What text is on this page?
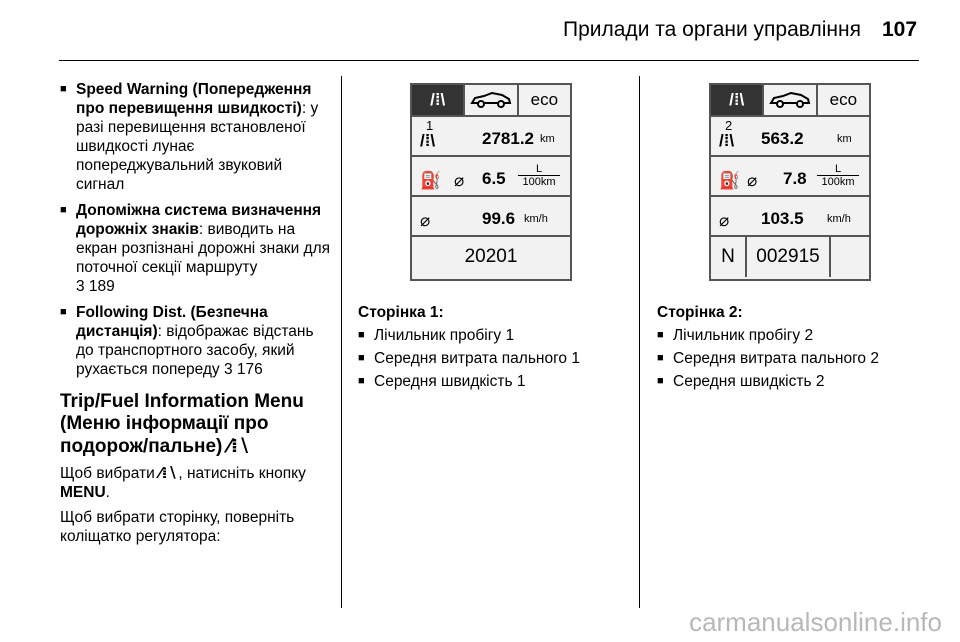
Прилади та органи управління 107
■ Speed Warning (Попередження про перевищення швидкості): у разі перевищення встановленої швидкості лунає попереджувальний звуковий сигнал
■ Допоміжна система визначення дорожніх знаків: виводить на екран розпізнані дорожні знаки для поточної секції маршруту
3 189
■ Following Dist. (Безпечна дистанція): відображає відстань до транспортного засобу, який рухається попереду 3 176
Trip/Fuel Information Menu (Меню інформації про подорож/пальне) ⁄⁞∖
Щоб вибрати ⁄⁞∖, натисніть кнопку
MENU.
Щоб вибрати сторінку, поверніть коліщатко регулятора:
/⁞\	eco
1
/⁞\	2781.2 km
⛽ ⌀ $6.5 \frac{L}{100km}$
⌀	99.6 km/h
20201
Сторінка 1:
■ Лічильник пробігу 1
■ Середня витрата пального 1
■ Середня швидкість 1
/⁞\	eco
2
/⁞\ 563.2	km
⛽ ⌀ $7.8 \frac{L}{100km}$
⌀ 103.5 km/h
N	002915
Сторінка 2:
■ Лічильник пробігу 2
■ Середня витрата пального 2
■ Середня швидкість 2
carmanualsonline.info
